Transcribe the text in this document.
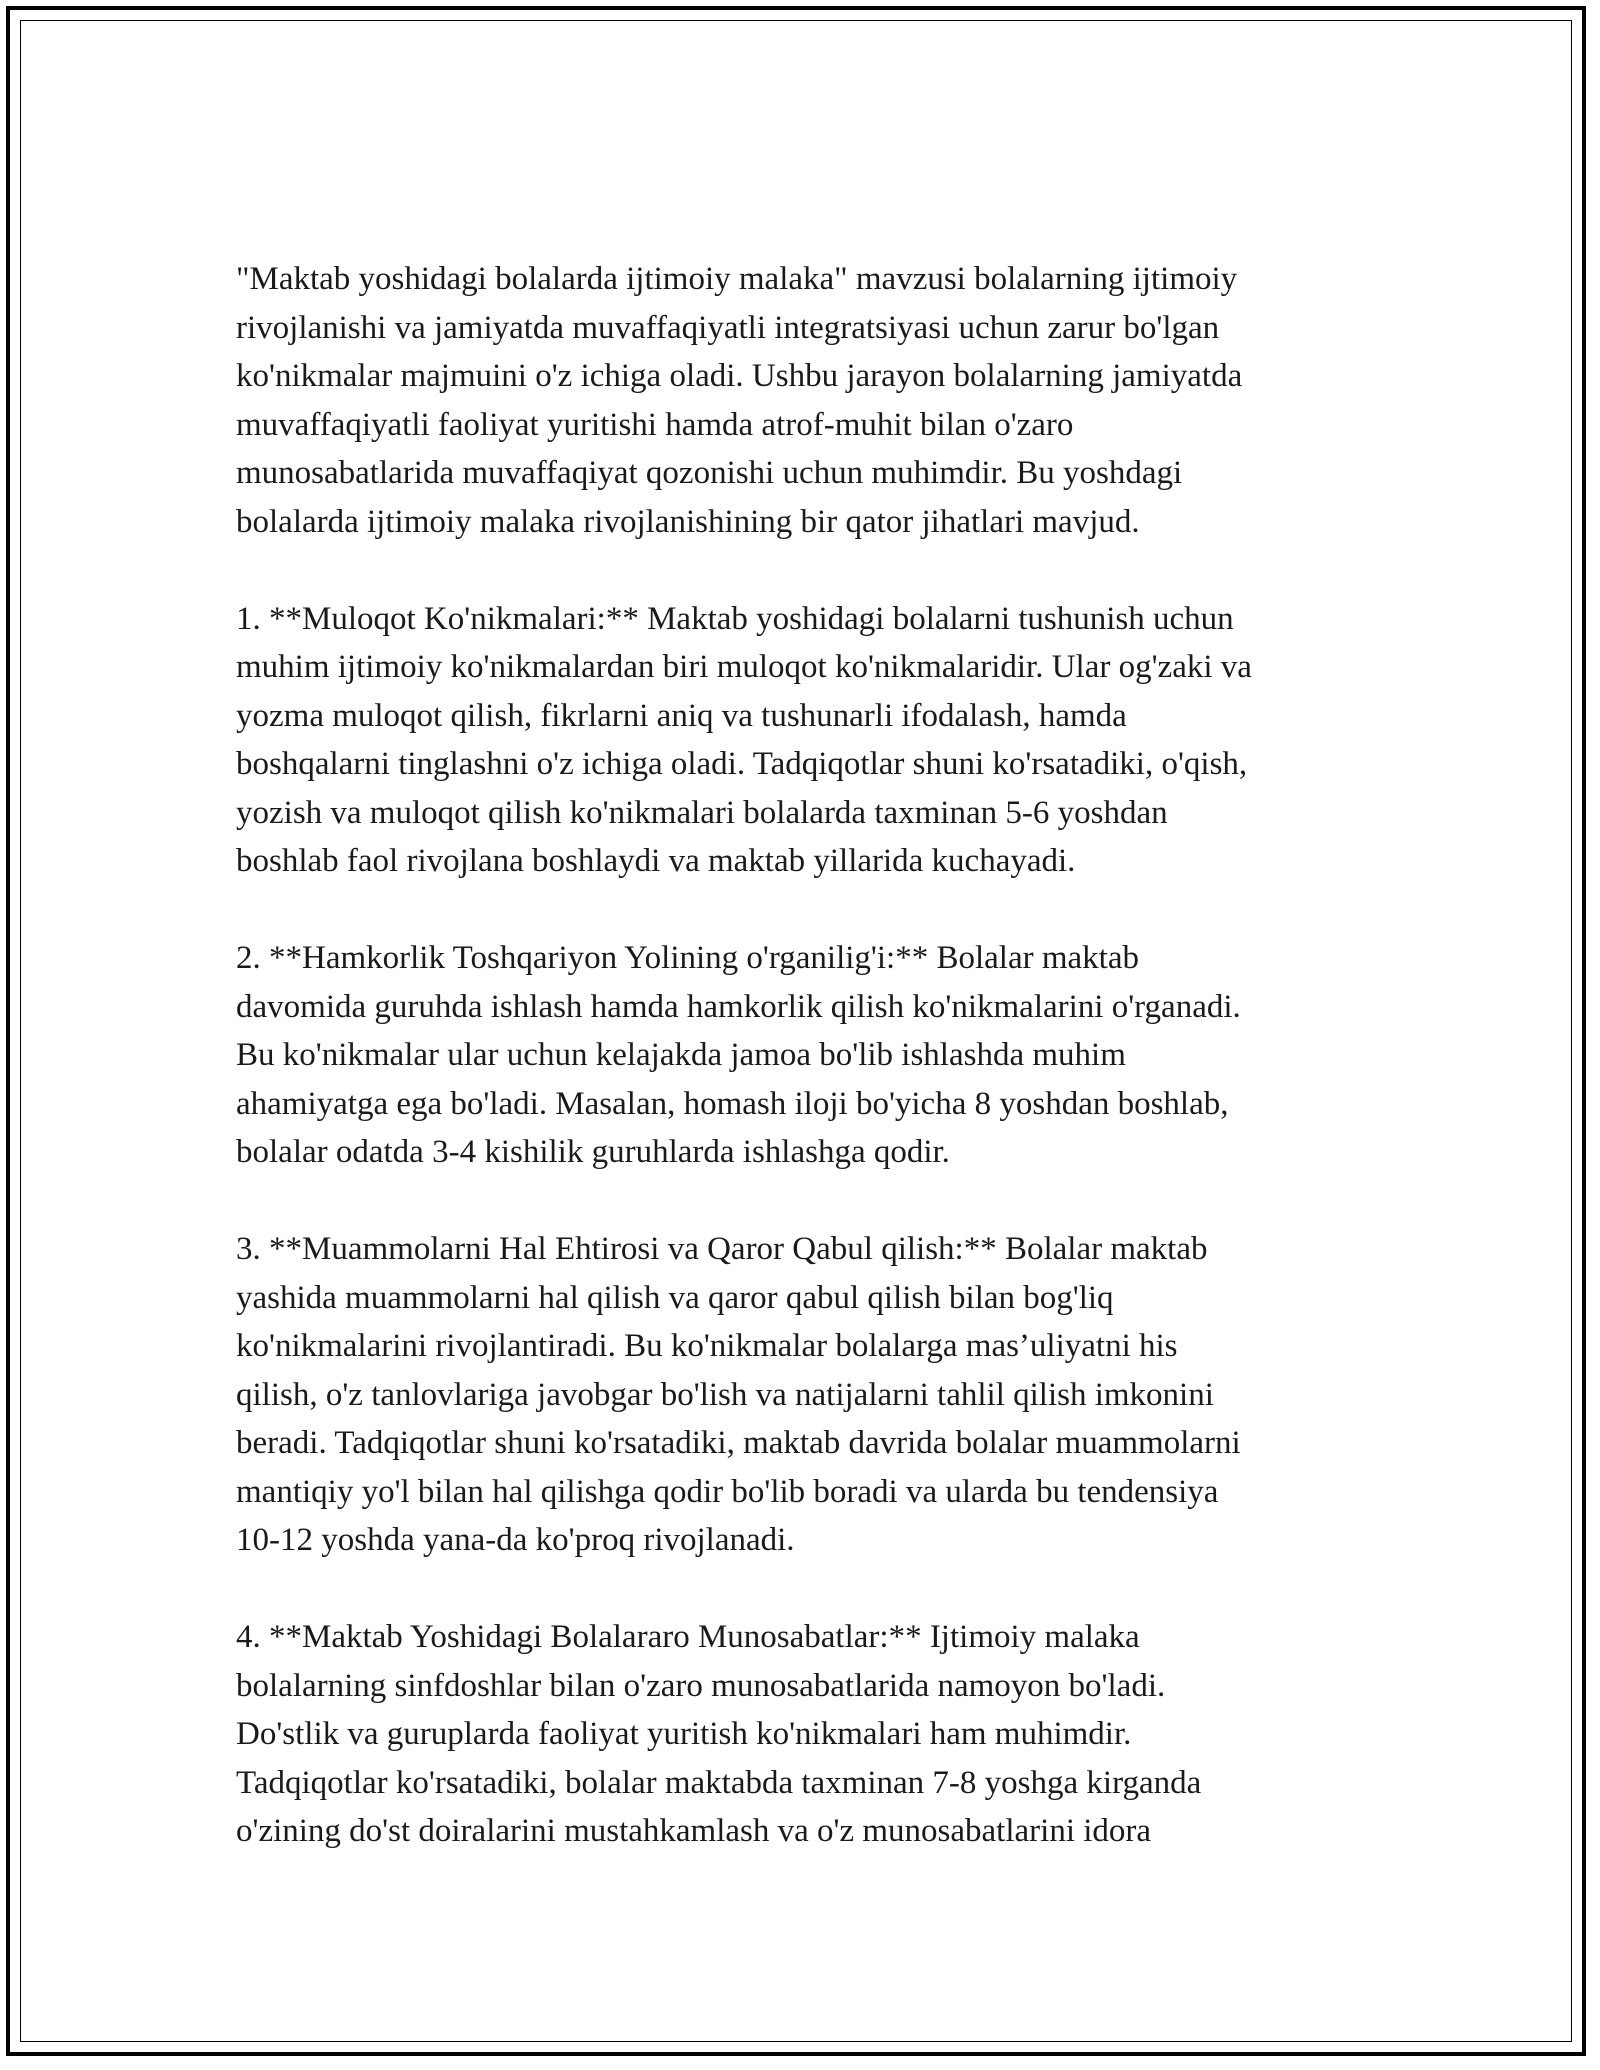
"Maktab yoshidagi bolalarda ijtimoiy malaka" mavzusi bolalarning ijtimoiy
rivojlanishi va jamiyatda muvaffaqiyatli integratsiyasi uchun zarur bo'lgan
ko'nikmalar majmuini o'z ichiga oladi. Ushbu jarayon bolalarning jamiyatda
muvaffaqiyatli faoliyat yuritishi hamda atrof-muhit bilan o'zaro
munosabatlarida muvaffaqiyat qozonishi uchun muhimdir. Bu yoshdagi
bolalarda ijtimoiy malaka rivojlanishining bir qator jihatlari mavjud.

1. **Muloqot Ko'nikmalari:** Maktab yoshidagi bolalarni tushunish uchun
muhim ijtimoiy ko'nikmalardan biri muloqot ko'nikmalaridir. Ular og'zaki va
yozma muloqot qilish, fikrlarni aniq va tushunarli ifodalash, hamda
boshqalarni tinglashni o'z ichiga oladi. Tadqiqotlar shuni ko'rsatadiki, o'qish,
yozish va muloqot qilish ko'nikmalari bolalarda taxminan 5-6 yoshdan
boshlab faol rivojlana boshlaydi va maktab yillarida kuchayadi.

2. **Hamkorlik Toshqariyon Yolining o'rganilig'i:** Bolalar maktab
davomida guruhda ishlash hamda hamkorlik qilish ko'nikmalarini o'rganadi.
Bu ko'nikmalar ular uchun kelajakda jamoa bo'lib ishlashda muhim
ahamiyatga ega bo'ladi. Masalan, homash iloji bo'yicha 8 yoshdan boshlab,
bolalar odatda 3-4 kishilik guruhlarda ishlashga qodir.

3. **Muammolarni Hal Ehtirosi va Qaror Qabul qilish:** Bolalar maktab
yashida muammolarni hal qilish va qaror qabul qilish bilan bog'liq
ko'nikmalarini rivojlantiradi. Bu ko'nikmalar bolalarga mas’uliyatni his
qilish, o'z tanlovlariga javobgar bo'lish va natijalarni tahlil qilish imkonini
beradi. Tadqiqotlar shuni ko'rsatadiki, maktab davrida bolalar muammolarni
mantiqiy yo'l bilan hal qilishga qodir bo'lib boradi va ularda bu tendensiya
10-12 yoshda yana-da ko'proq rivojlanadi.

4. **Maktab Yoshidagi Bolalararo Munosabatlar:** Ijtimoiy malaka
bolalarning sinfdoshlar bilan o'zaro munosabatlarida namoyon bo'ladi.
Do'stlik va guruplarda faoliyat yuritish ko'nikmalari ham muhimdir.
Tadqiqotlar ko'rsatadiki, bolalar maktabda taxminan 7-8 yoshga kirganda
o'zining do'st doiralarini mustahkamlash va o'z munosabatlarini idora
